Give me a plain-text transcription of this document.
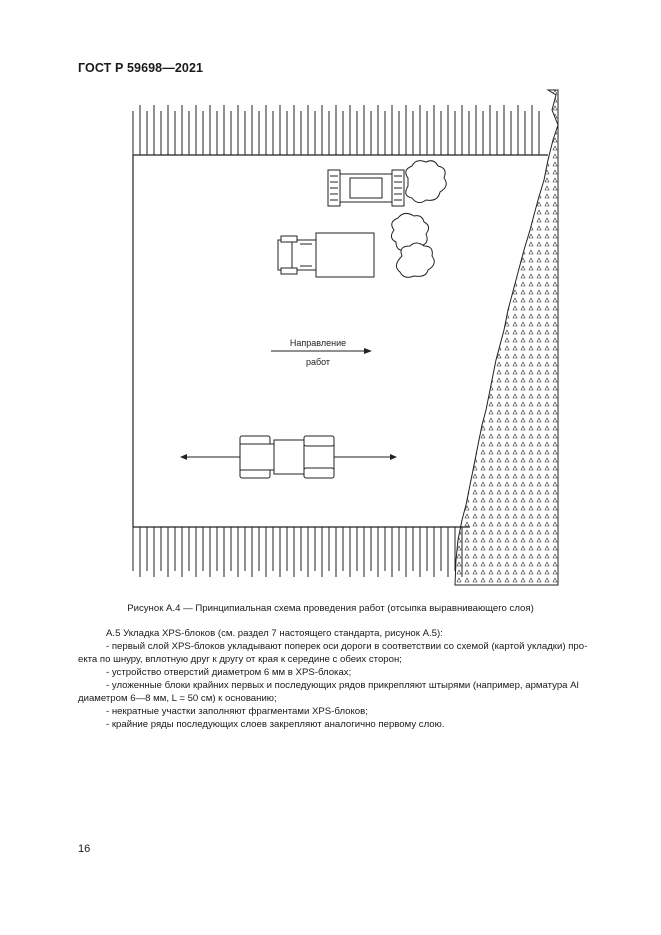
ГОСТ Р 59698—2021
Направление
работ
Рисунок А.4 — Принципиальная схема проведения работ (отсыпка выравнивающего слоя)

А.5 Укладка XPS-блоков (см. раздел 7 настоящего стандарта, рисунок А.5):

- первый слой XPS-блоков укладывают поперек оси дороги в соответствии со схемой (картой укладки) про-

екта по шнуру, вплотную друг к другу от края к середине с обеих сторон;

- устройство отверстий диаметром 6 мм в XPS-блоках;

- уложенные блоки крайних первых и последующих рядов прикрепляют штырями (например, арматура Al

диаметром 6—8 мм, L = 50 см) к основанию;

- некратные участки заполняют фрагментами XPS-блоков;

- крайние ряды последующих слоев закрепляют аналогично первому слою.

16
